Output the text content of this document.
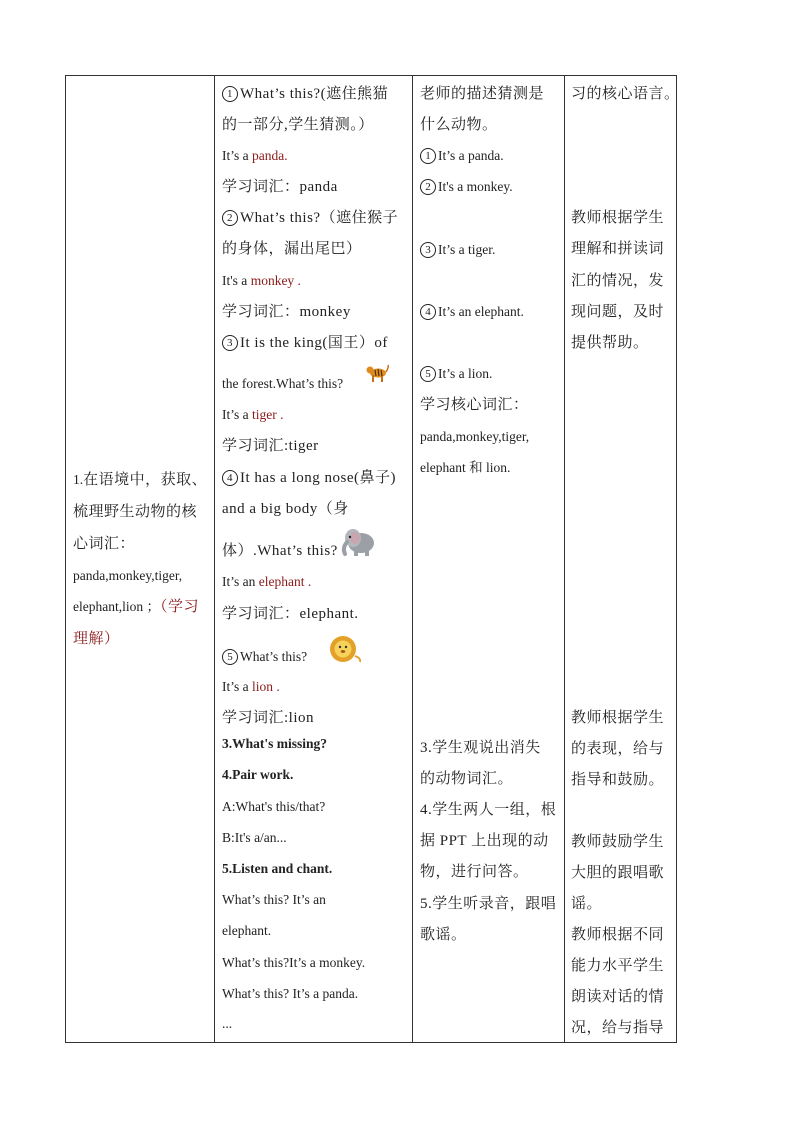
1.在语境中，获取、梳理野生动物的核心词汇：
panda,monkey,tiger, elephant,lion ；（学习理解）

1 What’s this?(遮住熊猫
的一部分,学生猜测。）
It’s a panda.
学习词汇：panda
2 What’s this?（遮住猴子
的身体，漏出尾巴）
It's a monkey .
学习词汇：monkey
3 It is the king(国王）of
the forest.What’s this?
It’s a tiger .
学习词汇:tiger
4 It has a long nose(鼻子)
and a big body（身
体）.What’s this?
It’s an elephant .
学习词汇：elephant.
5 What’s this?
It’s a lion .
学习词汇:lion
3.What's missing?
4.Pair work.
A:What's this/that?
B:It's a/an...
5.Listen and chant.
What’s this? It’s an
elephant.
What’s this?It’s a monkey.
What’s this? It’s a panda.
...

老师的描述猜测是
什么动物。
1 It’s a panda.
2 It's a monkey.
3 It’s a tiger.
4 It’s an elephant.
5 It’s a lion.
学习核心词汇：
panda,monkey,tiger,
elephant 和 lion.
3.学生观说出消失
的动物词汇。
4.学生两人一组，根
据 PPT 上出现的动
物，进行问答。
5.学生听录音，跟唱
歌谣。

习的核心语言。
教师根据学生
理解和拼读词
汇的情况，发
现问题，及时
提供帮助。
教师根据学生
的表现，给与
指导和鼓励。
教师鼓励学生
大胆的跟唱歌
谣。
教师根据不同
能力水平学生
朗读对话的情
况，给与指导
